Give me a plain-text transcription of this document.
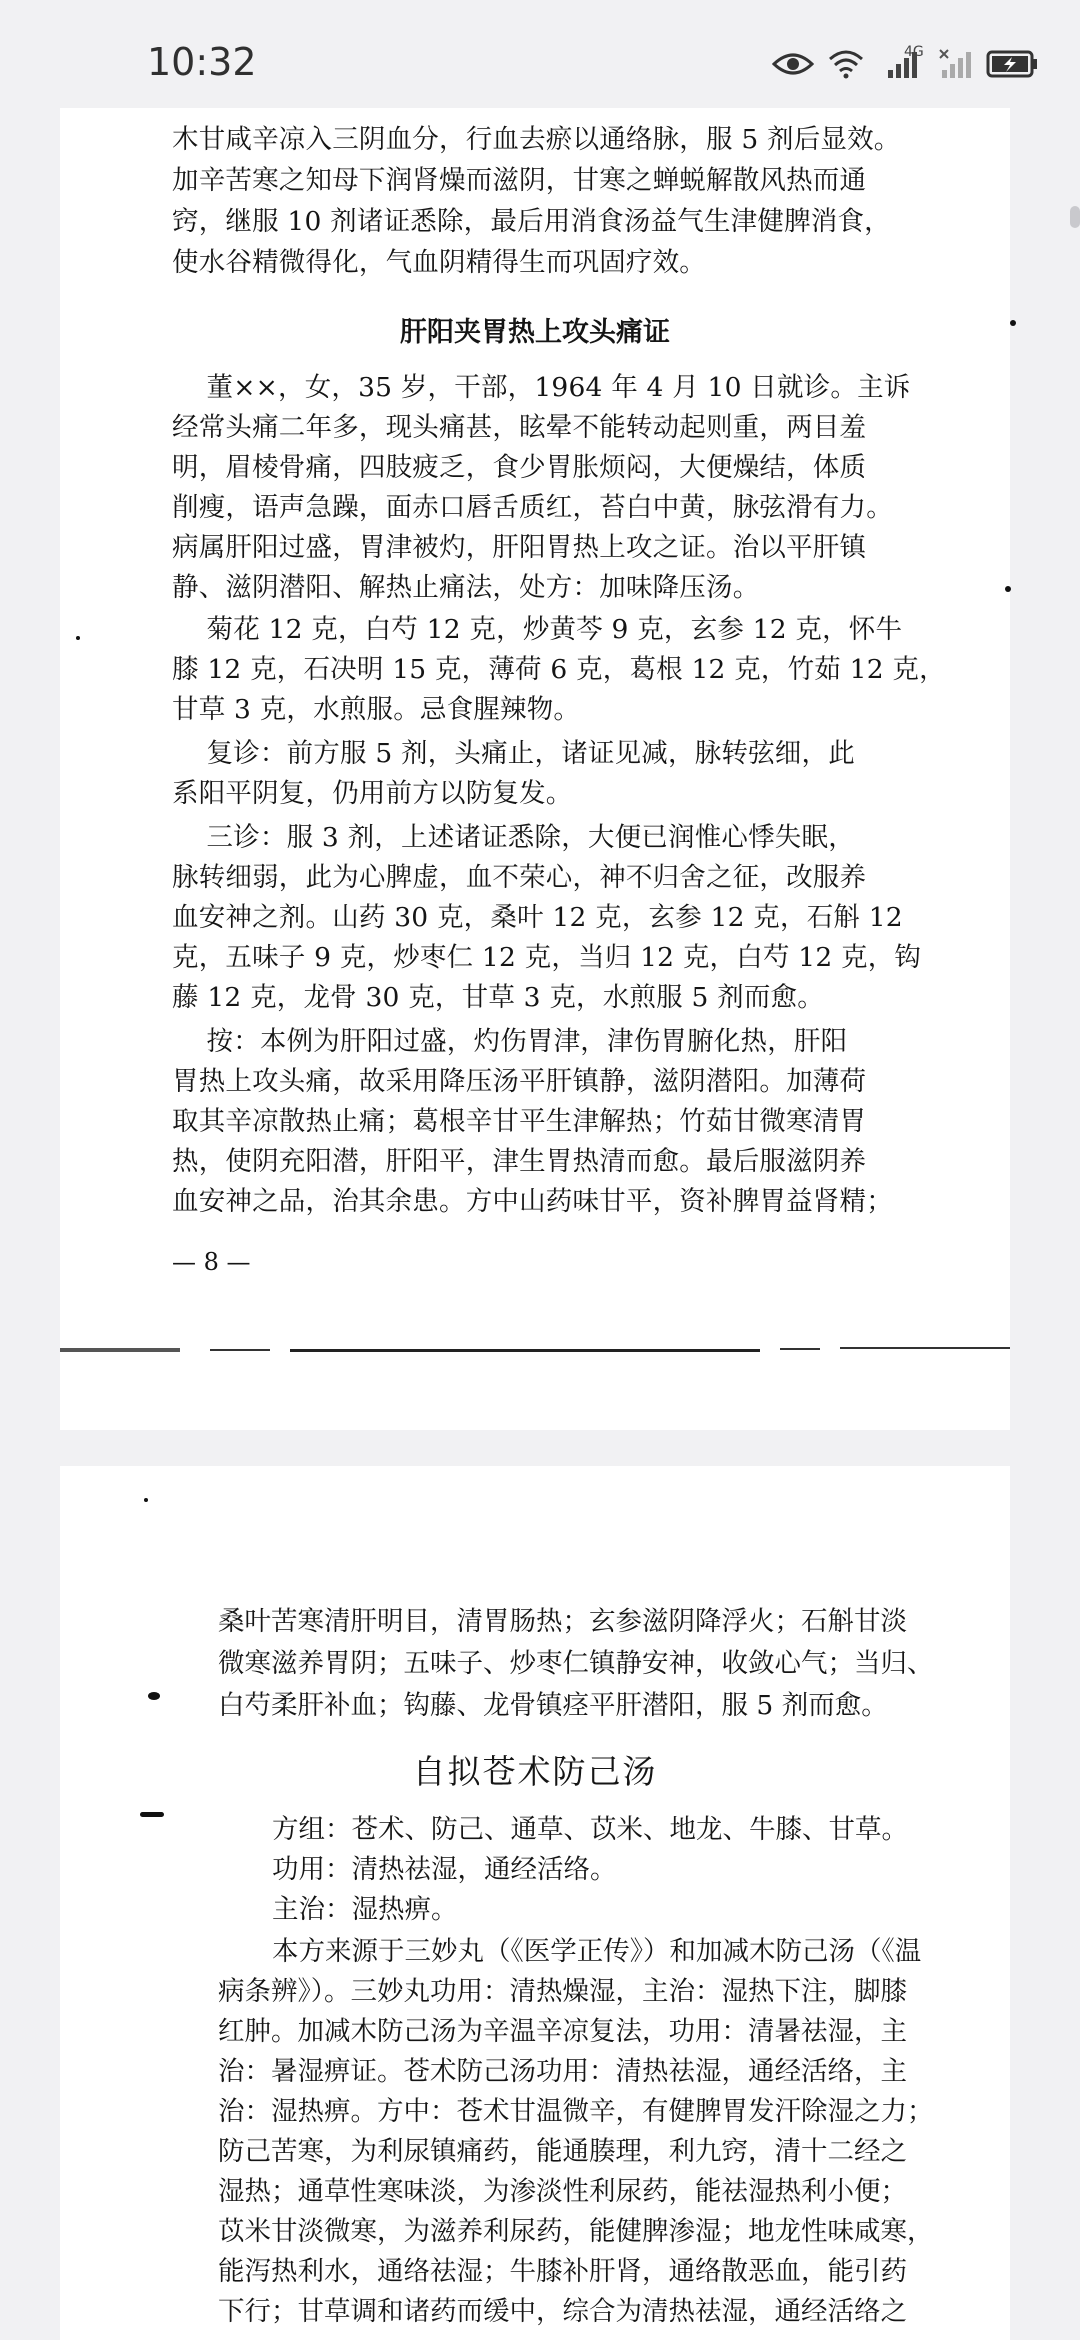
10:32	4G
木甘咸辛凉入三阴血分，行血去瘀以通络脉，服 5 剂后显效。
加辛苦寒之知母下润肾燥而滋阴，甘寒之蝉蜕解散风热而通
窍，继服 10 剂诸证悉除，最后用消食汤益气生津健脾消食，
使水谷精微得化，气血阴精得生而巩固疗效。
肝阳夹胃热上攻头痛证
董××，女，35 岁，干部，1964 年 4 月 10 日就诊。主诉
经常头痛二年多，现头痛甚，眩晕不能转动起则重，两目羞
明，眉棱骨痛，四肢疲乏，食少胃胀烦闷，大便燥结，体质
削瘦，语声急躁，面赤口唇舌质红，苔白中黄，脉弦滑有力。
病属肝阳过盛，胃津被灼，肝阳胃热上攻之证。治以平肝镇
静、滋阴潜阳、解热止痛法，处方：加味降压汤。
菊花 12 克，白芍 12 克，炒黄芩 9 克，玄参 12 克，怀牛
膝 12 克，石决明 15 克，薄荷 6 克，葛根 12 克，竹茹 12 克，
甘草 3 克，水煎服。忌食腥辣物。
复诊：前方服 5 剂，头痛止，诸证见减，脉转弦细，此
系阳平阴复，仍用前方以防复发。
三诊：服 3 剂，上述诸证悉除，大便已润惟心悸失眠，
脉转细弱，此为心脾虚，血不荣心，神不归舍之征，改服养
血安神之剂。山药 30 克，桑叶 12 克，玄参 12 克，石斛 12
克，五味子 9 克，炒枣仁 12 克，当归 12 克，白芍 12 克，钩
藤 12 克，龙骨 30 克，甘草 3 克，水煎服 5 剂而愈。
按：本例为肝阳过盛，灼伤胃津，津伤胃腑化热，肝阳
胃热上攻头痛，故采用降压汤平肝镇静，滋阴潜阳。加薄荷
取其辛凉散热止痛；葛根辛甘平生津解热；竹茹甘微寒清胃
热，使阴充阳潜，肝阳平，津生胃热清而愈。最后服滋阴养
血安神之品，治其余患。方中山药味甘平，资补脾胃益肾精；
— 8 —
桑叶苦寒清肝明目，清胃肠热；玄参滋阴降浮火；石斛甘淡
微寒滋养胃阴；五味子、炒枣仁镇静安神，收敛心气；当归、
白芍柔肝补血；钩藤、龙骨镇痉平肝潜阳，服 5 剂而愈。
自拟苍术防己汤
方组：苍术、防己、通草、苡米、地龙、牛膝、甘草。
功用：清热祛湿，通经活络。
主治：湿热痹。
本方来源于三妙丸（《医学正传》）和加减木防己汤（《温
病条辨》）。三妙丸功用：清热燥湿，主治：湿热下注，脚膝
红肿。加减木防己汤为辛温辛凉复法，功用：清暑祛湿，主
治：暑湿痹证。苍术防己汤功用：清热祛湿，通经活络，主
治：湿热痹。方中：苍术甘温微辛，有健脾胃发汗除湿之力；
防己苦寒，为利尿镇痛药，能通腠理，利九窍，清十二经之
湿热；通草性寒味淡，为渗淡性利尿药，能祛湿热利小便；
苡米甘淡微寒，为滋养利尿药，能健脾渗湿；地龙性味咸寒，
能泻热利水，通络祛湿；牛膝补肝肾，通络散恶血，能引药
下行；甘草调和诸药而缓中，综合为清热祛湿，通经活络之
